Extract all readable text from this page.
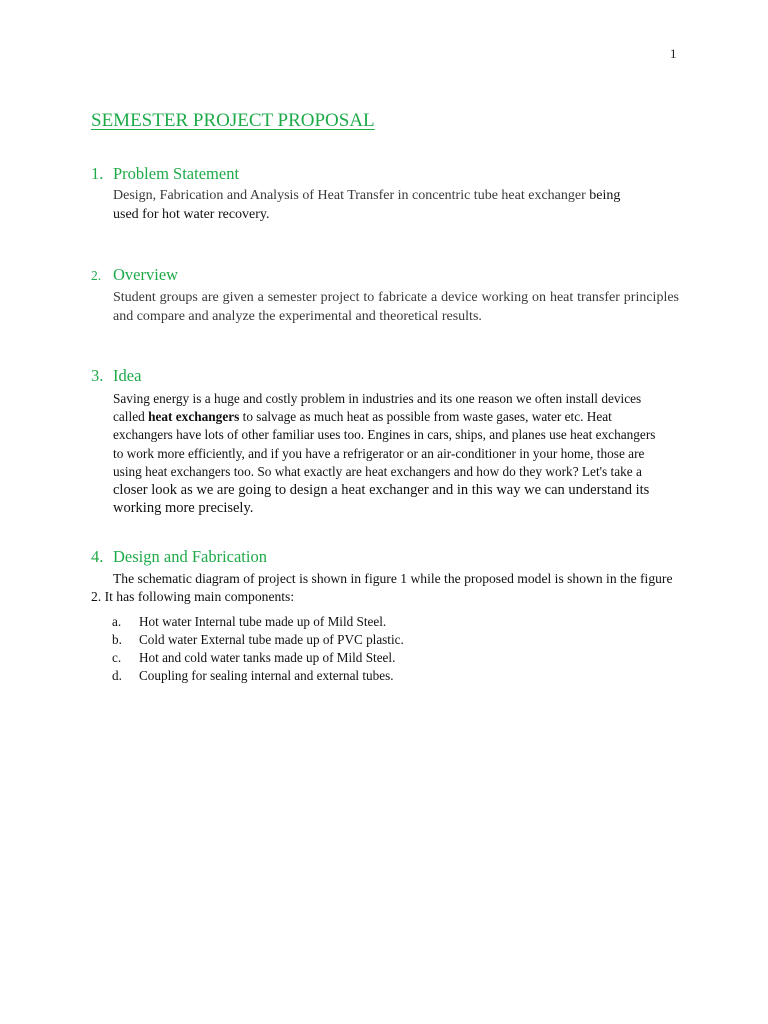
1
SEMESTER PROJECT PROPOSAL
1. Problem Statement
Design, Fabrication and Analysis of Heat Transfer in concentric tube heat exchanger being
used for hot water recovery.
2. Overview
Student groups are given a semester project to fabricate a device working on heat transfer principles and compare and analyze the experimental and theoretical results.
3. Idea
Saving energy is a huge and costly problem in industries and its one reason we often install devices
called heat exchangers to salvage as much heat as possible from waste gases, water etc. Heat
exchangers have lots of other familiar uses too. Engines in cars, ships, and planes use heat exchangers
to work more efficiently, and if you have a refrigerator or an air-conditioner in your home, those are
using heat exchangers too. So what exactly are heat exchangers and how do they work? Let's take a
closer look as we are going to design a heat exchanger and in this way we can understand its
working more precisely.
4. Design and Fabrication
The schematic diagram of project is shown in figure 1 while the proposed model is shown in the figure 2. It has following main components:
a.	Hot water Internal tube made up of Mild Steel.
b.	Cold water External tube made up of PVC plastic.
c.	Hot and cold water tanks made up of Mild Steel.
d.	Coupling for sealing internal and external tubes.
